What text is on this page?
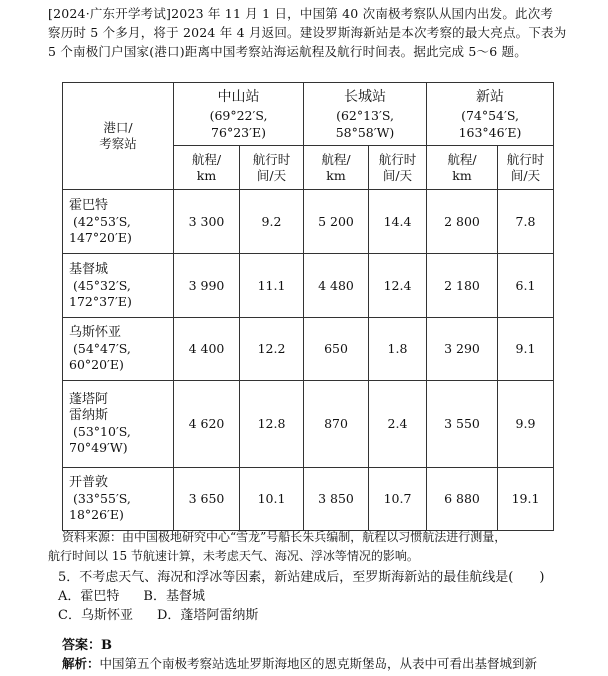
[2024·广东开学考试]2023 年 11 月 1 日，中国第 40 次南极考察队从国内出发。此次考

察历时 5 个多月，将于 2024 年 4 月返回。建设罗斯海新站是本次考察的最大亮点。下表为

5 个南极门户国家(港口)距离中国考察站海运航程及航行时间表。据此完成 5～6 题。

港口/
考察站	中山站
(69°22′S,
76°23′E)		长城站
(62°13′S,
58°58′W)		新站
(74°54′S,
163°46′E)	

	航程/
km	航行时
间/天	航程/
km	航行时
间/天	航程/
km	航行时
间/天

霍巴特
(42°53′S,
147°20′E)	3 300	9.2	5 200	14.4	2 800	7.8

基督城
(45°32′S,
172°37′E)	3 990	11.1	4 480	12.4	2 180	6.1

乌斯怀亚
(54°47′S,
60°20′E)	4 400	12.2	650	1.8	3 290	9.1

蓬塔阿
雷纳斯
(53°10′S,
70°49′W)	4 620	12.8	870	2.4	3 550	9.9

开普敦
(33°55′S,
18°26′E)	3 650	10.1	3 850	10.7	6 880	19.1

资料来源：由中国极地研究中心“雪龙”号船长朱兵编制，航程以习惯航法进行测量，

航行时间以 15 节航速计算，未考虑天气、海况、浮冰等情况的影响。

5．不考虑天气、海况和浮冰等因素，新站建成后，至罗斯海新站的最佳航线是(　　)

A．霍巴特 B．基督城

C．乌斯怀亚 D．蓬塔阿雷纳斯

答案：B
解析：中国第五个南极考察站选址罗斯海地区的恩克斯堡岛，从表中可看出基督城到新
